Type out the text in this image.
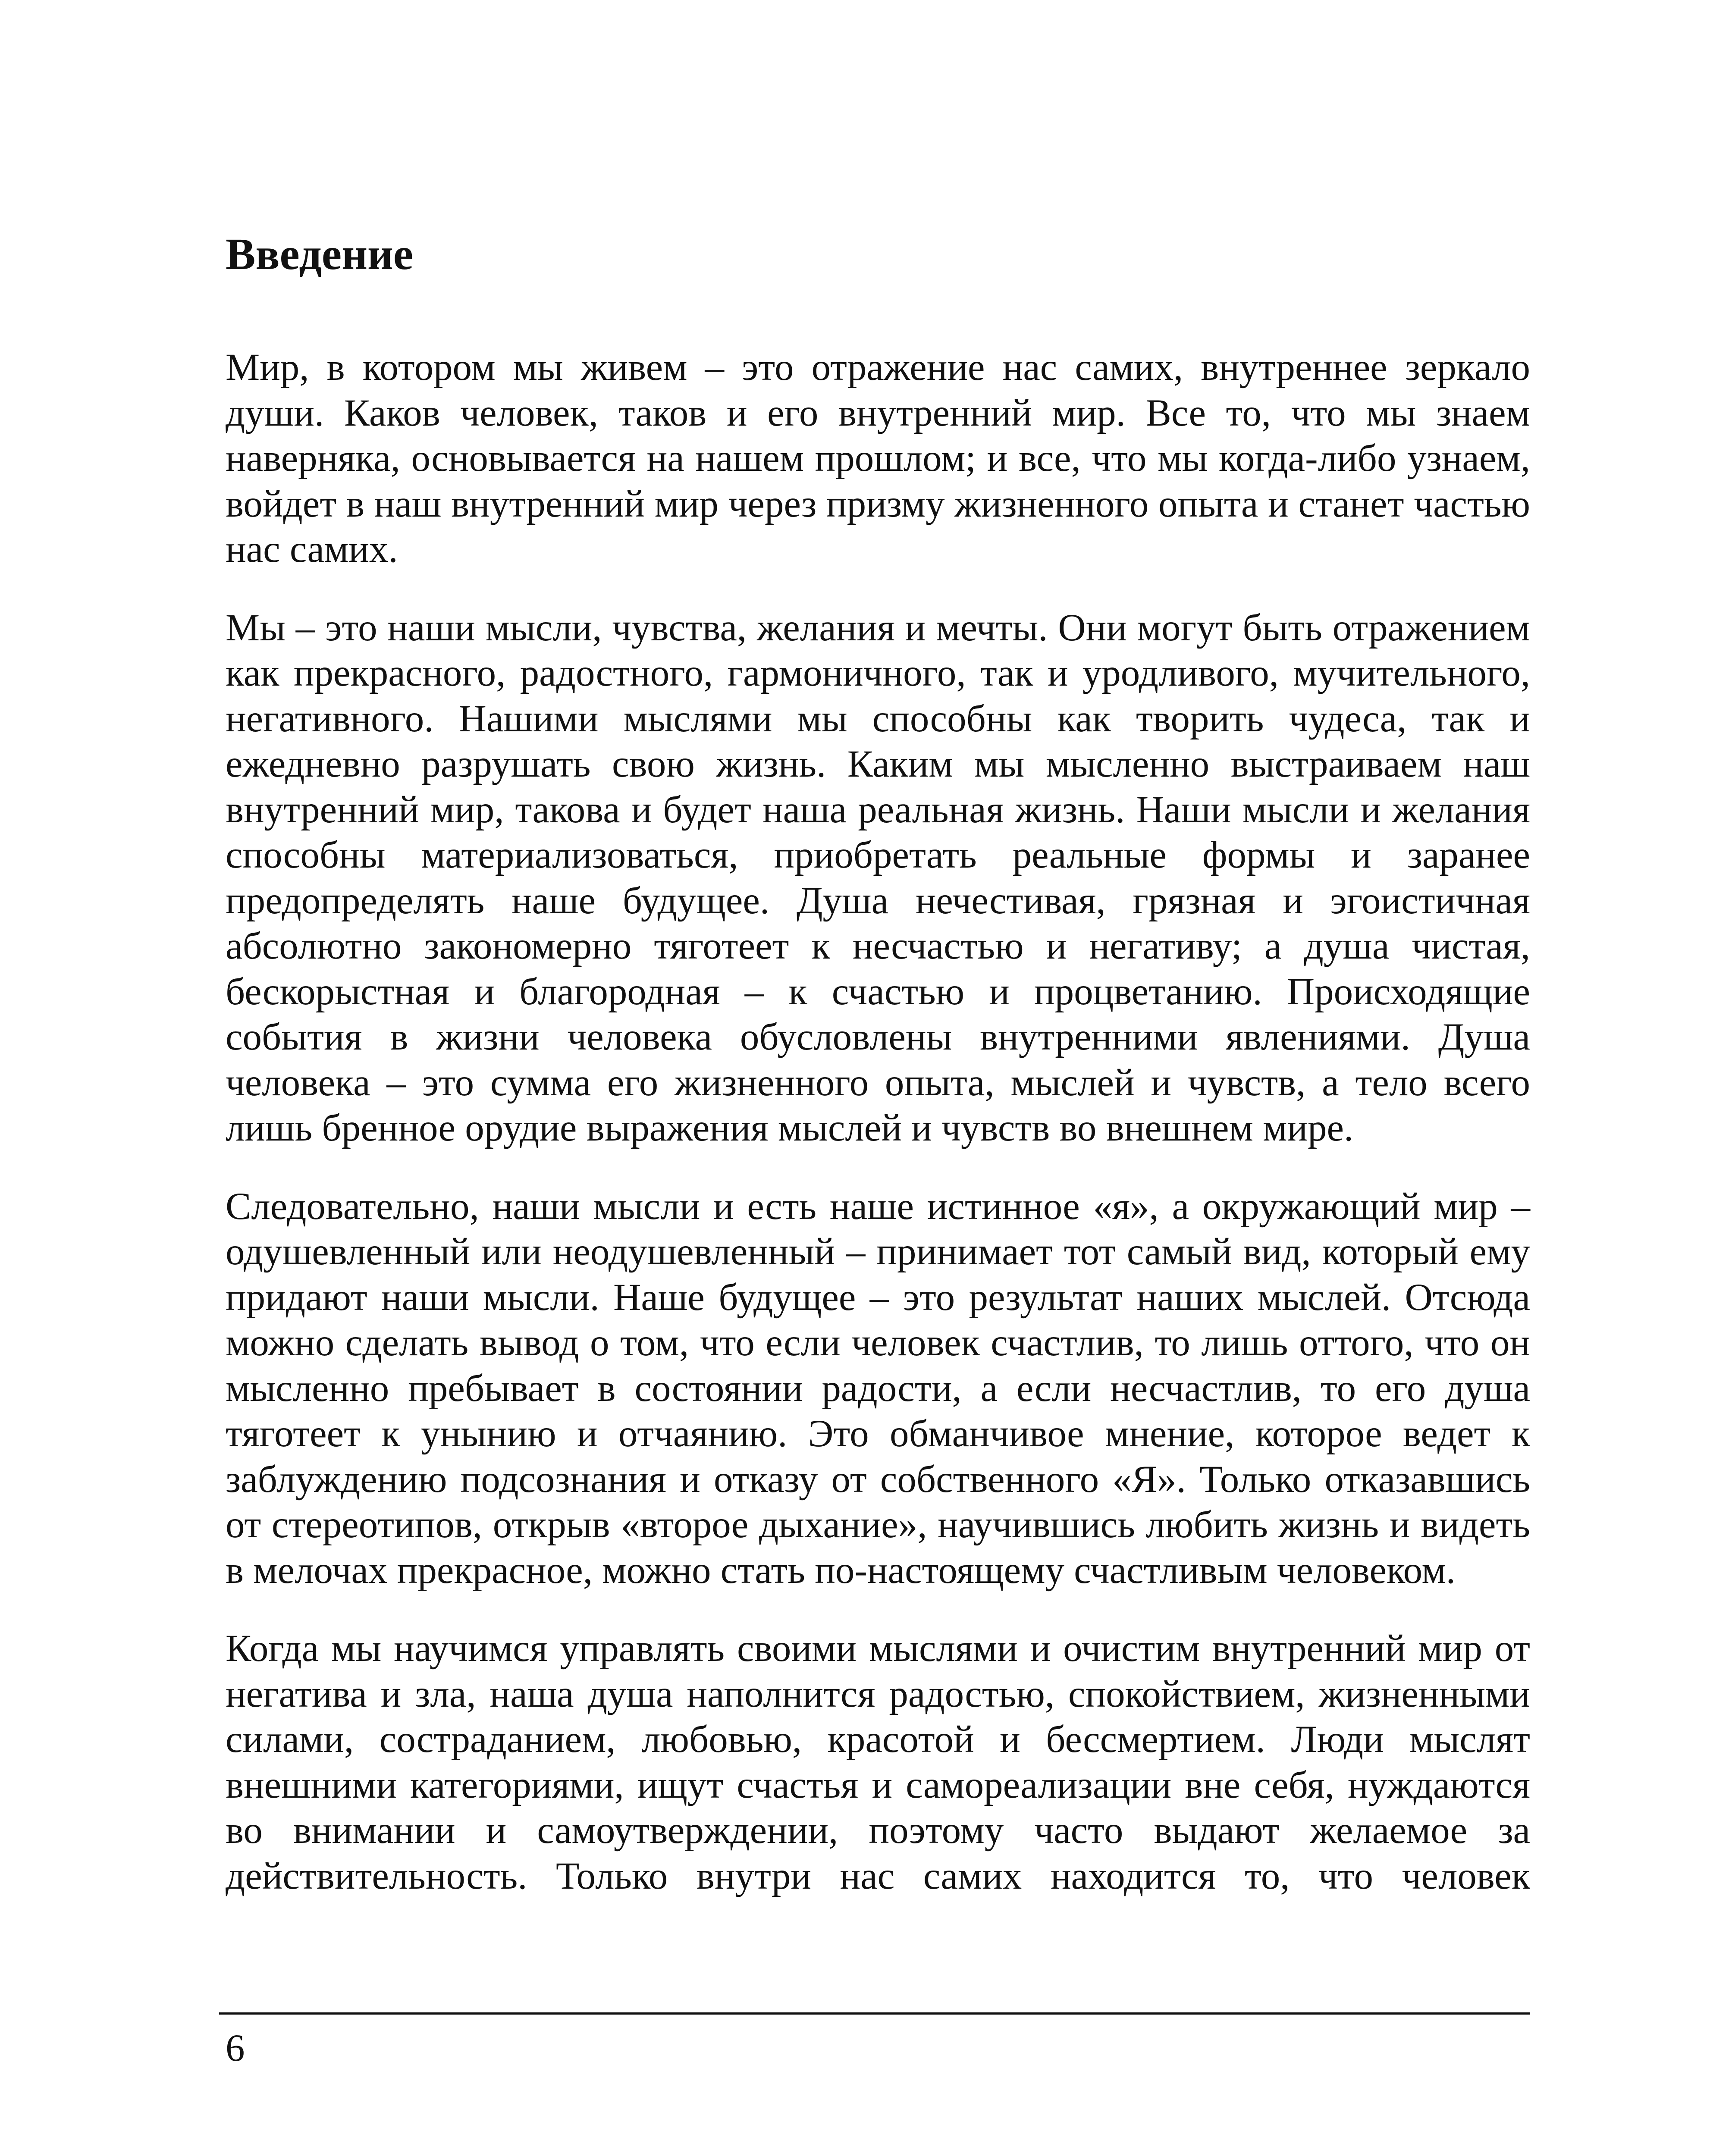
Введение

Мир, в котором мы живем – это отражение нас самих, внутреннее зеркало души. Каков человек, таков и его внутренний мир. Все то, что мы знаем наверняка, основывается на нашем прошлом; и все, что мы когда-либо узнаем, войдет в наш внутренний мир через призму жизненного опыта и станет частью нас самих.

Мы – это наши мысли, чувства, желания и мечты. Они могут быть отражением как прекрасного, радостного, гармоничного, так и уродливого, мучительного, негативного. Нашими мыслями мы способны как творить чудеса, так и ежедневно разрушать свою жизнь. Каким мы мысленно выстраиваем наш внутренний мир, такова и будет наша реальная жизнь. Наши мысли и желания способны материализоваться, приобретать реальные формы и заранее предопределять наше будущее. Душа нечестивая, грязная и эгоистичная абсолютно закономерно тяготеет к несчастью и негативу; а душа чистая, бескорыстная и благородная – к счастью и процветанию. Происходящие события в жизни человека обусловлены внутренними явлениями. Душа человека – это сумма его жизненного опыта, мыслей и чувств, а тело всего лишь бренное орудие выражения мыслей и чувств во внешнем мире.

Следовательно, наши мысли и есть наше истинное «я», а окружающий мир – одушевленный или неодушевленный – принимает тот самый вид, который ему придают наши мысли. Наше будущее – это результат наших мыслей. Отсюда можно сделать вывод о том, что если человек счастлив, то лишь оттого, что он мысленно пребывает в состоянии радости, а если несчастлив, то его душа тяготеет к унынию и отчаянию. Это обманчивое мнение, которое ведет к заблуждению подсознания и отказу от собственного «Я». Только отказавшись от стереотипов, открыв «второе дыхание», научившись любить жизнь и видеть в мелочах прекрасное, можно стать по-настоящему счастливым человеком.

Когда мы научимся управлять своими мыслями и очистим внутренний мир от негатива и зла, наша душа наполнится радостью, спокойствием, жизненными силами, состраданием, любовью, красотой и бессмертием. Люди мыслят внешними категориями, ищут счастья и самореализации вне себя, нуждаются во внимании и самоутверждении, поэтому часто выдают желаемое за действительность. Только внутри нас самих находится то, что человек

6
